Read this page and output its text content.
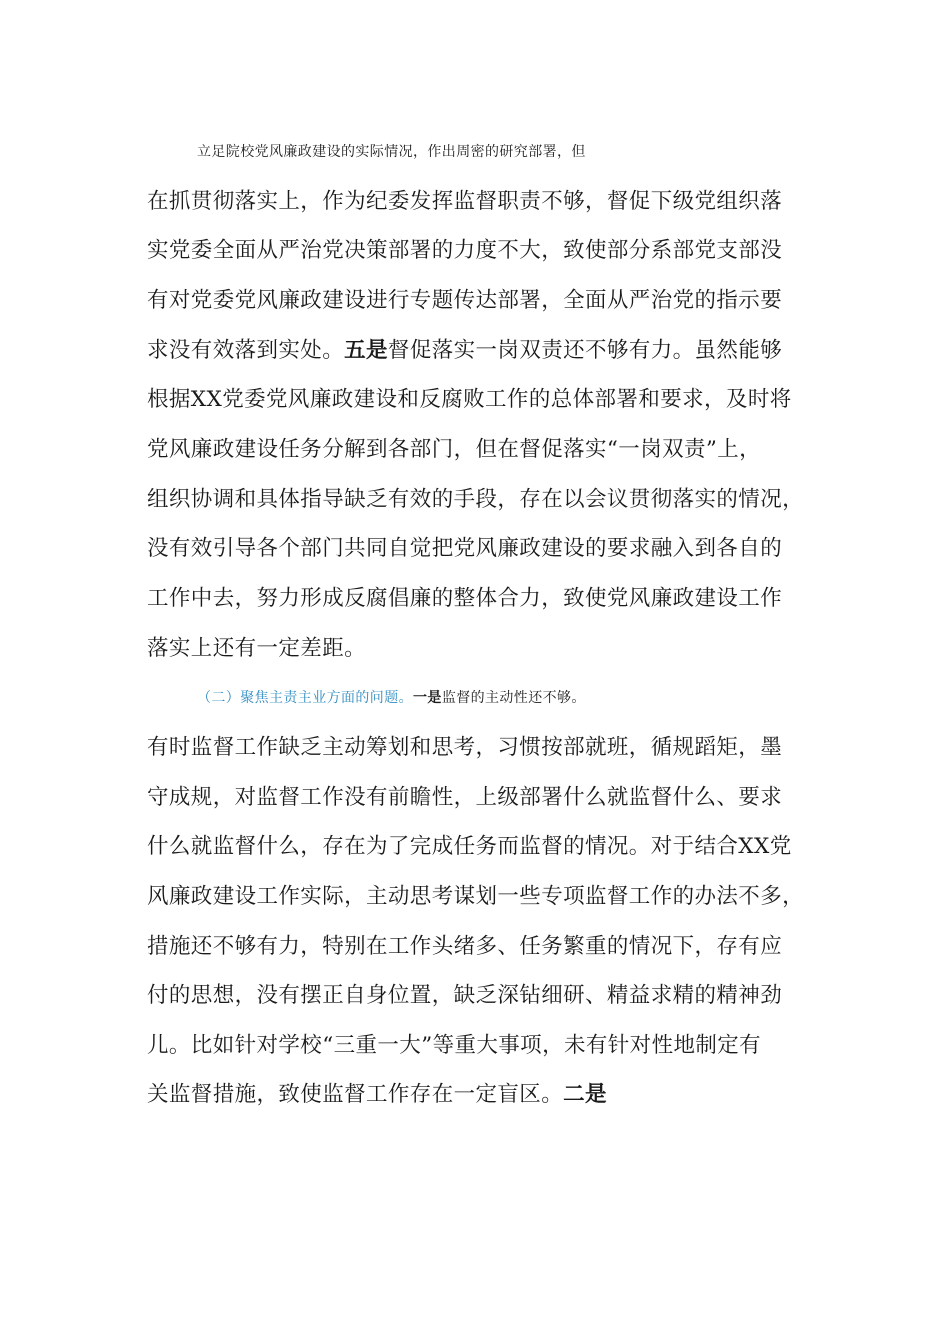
立足院校党风廉政建设的实际情况，作出周密的研究部署，但
在抓贯彻落实上，作为纪委发挥监督职责不够，督促下级党组织落
实党委全面从严治党决策部署的力度不大，致使部分系部党支部没
有对党委党风廉政建设进行专题传达部署，全面从严治党的指示要
求没有效落到实处。五是督促落实一岗双责还不够有力。虽然能够
根据XX党委党风廉政建设和反腐败工作的总体部署和要求，及时将
党风廉政建设任务分解到各部门，但在督促落实“一岗双责”上，
组织协调和具体指导缺乏有效的手段，存在以会议贯彻落实的情况，
没有效引导各个部门共同自觉把党风廉政建设的要求融入到各自的
工作中去，努力形成反腐倡廉的整体合力，致使党风廉政建设工作
落实上还有一定差距。
（二）聚焦主责主业方面的问题。一是监督的主动性还不够。
有时监督工作缺乏主动筹划和思考，习惯按部就班，循规蹈矩，墨
守成规，对监督工作没有前瞻性，上级部署什么就监督什么、要求
什么就监督什么，存在为了完成任务而监督的情况。对于结合XX党
风廉政建设工作实际，主动思考谋划一些专项监督工作的办法不多，
措施还不够有力，特别在工作头绪多、任务繁重的情况下，存有应
付的思想，没有摆正自身位置，缺乏深钻细研、精益求精的精神劲
儿。比如针对学校“三重一大”等重大事项，未有针对性地制定有
关监督措施，致使监督工作存在一定盲区。二是
